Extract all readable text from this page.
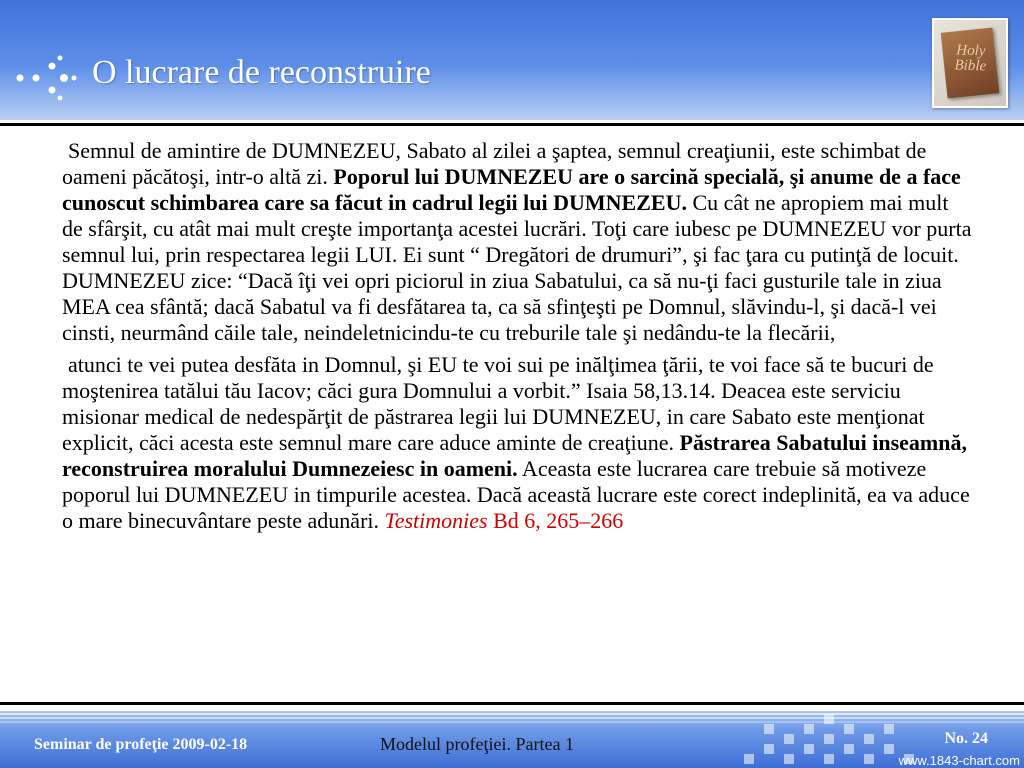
O lucrare de reconstruire
Holy Bible

Semnul de amintire de DUMNEZEU, Sabato al zilei a şaptea, semnul creaţiunii, este schimbat de oameni păcătoşi, intr-o altă zi. Poporul lui DUMNEZEU are o sarcină specială, şi anume de a face cunoscut schimbarea care sa făcut in cadrul legii lui DUMNEZEU. Cu cât ne apropiem mai mult de sfârşit, cu atât mai mult creşte importanţa acestei lucrări. Toţi care iubesc pe DUMNEZEU vor purta semnul lui, prin respectarea legii LUI. Ei sunt “ Dregători de drumuri”, şi fac ţara cu putinţă de locuit. DUMNEZEU zice: “Dacă îţi vei opri piciorul in ziua Sabatului, ca să nu-ţi faci gusturile tale in ziua MEA cea sfântă; dacă Sabatul va fi desfătarea ta, ca să sfinţeşti pe Domnul, slăvindu-l, şi dacă-l vei cinsti, neurmând căile tale, neindeletnicindu-te cu treburile tale şi nedându-te la flecării,

atunci te vei putea desfăta in Domnul, şi EU te voi sui pe inălţimea ţării, te voi face să te bucuri de moştenirea tatălui tău Iacov; căci gura Domnului a vorbit.” Isaia 58,13.14. Deacea este serviciu misionar medical de nedespărţit de păstrarea legii lui DUMNEZEU, in care Sabato este menţionat explicit, căci acesta este semnul mare care aduce aminte de creaţiune. Păstrarea Sabatului inseamnă, reconstruirea moralului Dumnezeiesc in oameni. Aceasta este lucrarea care trebuie să motiveze poporul lui DUMNEZEU in timpurile acestea. Dacă această lucrare este corect indeplinită, ea va aduce o mare binecuvântare peste adunări. Testimonies Bd 6, 265–266

Seminar de profeţie 2009-02-18	Modelul profeţiei. Partea 1	No. 24
www.1843-chart.com
